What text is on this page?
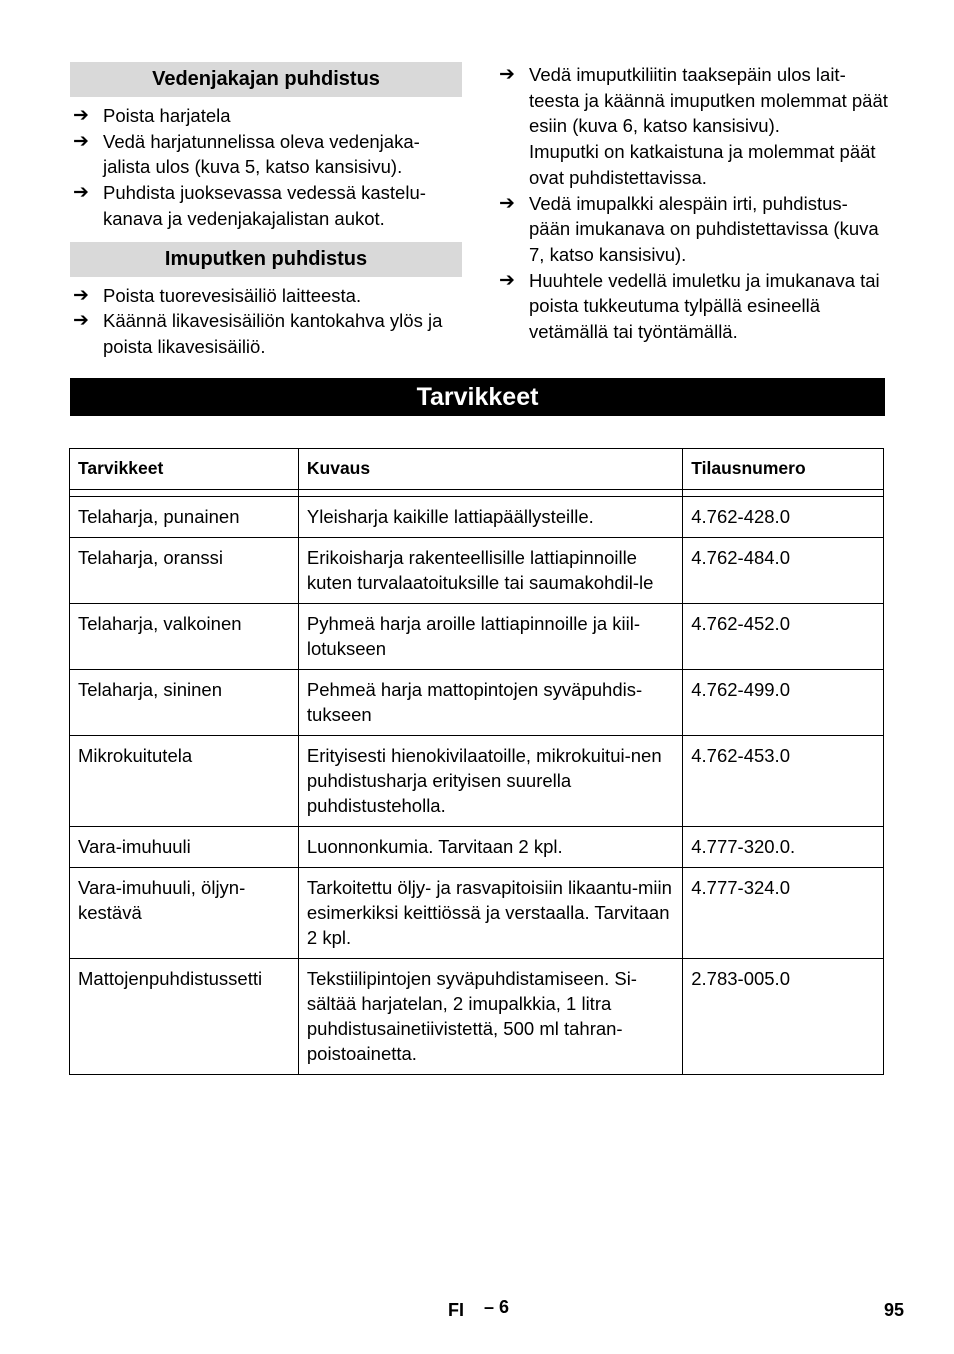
Vedenjakajan puhdistus
➔ Poista harjatela
➔ Vedä harjatunnelissa oleva vedenjaka-jalista ulos (kuva 5, katso kansisivu).
➔ Puhdista juoksevassa vedessä kastelu-kanava ja vedenjakajalistan aukot.
Imuputken puhdistus
➔ Poista tuorevesisäiliö laitteesta.
➔ Käännä likavesisäiliön kantokahva ylös ja poista likavesisäiliö.
➔ Vedä imuputkiliitin taaksepäin ulos lait-teesta ja käännä imuputken molemmat päät esiin (kuva 6, katso kansisivu).
Imuputki on katkaistuna ja molemmat päät ovat puhdistettavissa.
➔ Vedä imupalkki alespäin irti, puhdistus-pään imukanava on puhdistettavissa (kuva 7, katso kansisivu).
➔ Huuhtele vedellä imuletku ja imukanava tai poista tukkeutuma tylpällä esineellä vetämällä tai työntämällä.
Tarvikkeet
Tarvikkeet	Kuvaus	Tilausnumero

Telaharja, punainen	Yleisharja kaikille lattiapäällysteille.	4.762-428.0
Telaharja, oranssi	Erikoisharja rakenteellisille lattiapinnoille kuten turvalaatoituksille tai saumakohdil-le	4.762-484.0
Telaharja, valkoinen	Pyhmeä harja aroille lattiapinnoille ja kiil-lotukseen	4.762-452.0
Telaharja, sininen	Pehmeä harja mattopintojen syväpuhdis-tukseen	4.762-499.0
Mikrokuitutela	Erityisesti hienokivilaatoille, mikrokuitui-nen puhdistusharja erityisen suurella puhdistusteholla.	4.762-453.0
Vara-imuhuuli	Luonnonkumia. Tarvitaan 2 kpl.	4.777-320.0.
Vara-imuhuuli, öljyn-kestävä	Tarkoitettu öljy- ja rasvapitoisiin likaantu-miin esimerkiksi keittiössä ja verstaalla. Tarvitaan 2 kpl.	4.777-324.0
Mattojenpuhdistussetti	Tekstiilipintojen syväpuhdistamiseen. Si-sältää harjatelan, 2 imupalkkia, 1 litra puhdistusainetiivistettä, 500 ml tahran-poistoainetta.	2.783-005.0
FI – 6	95
